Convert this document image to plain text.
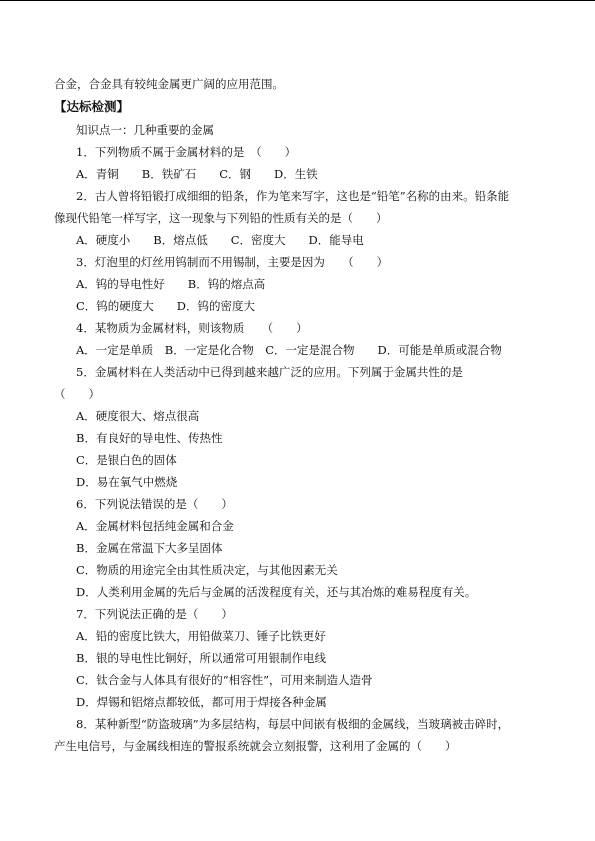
合金，合金具有较纯金属更广阔的应用范围。
【达标检测】
知识点一：几种重要的金属
1．下列物质不属于金属材料的是　（　　）
A．青铜　　B．铁矿石　　C．钢　　D．生铁
2．古人曾将铅锻打成细细的铅条，作为笔来写字，这也是“铅笔”名称的由来。铅条能
像现代铅笔一样写字，这一现象与下列铅的性质有关的是（　　）
A．硬度小　　B．熔点低　　C．密度大　　D．能导电
3．灯泡里的灯丝用钨制而不用锡制，主要是因为　　（　　）
A．钨的导电性好　　B．钨的熔点高
C．钨的硬度大　　D．钨的密度大
4．某物质为金属材料，则该物质　　（　　）
A．一定是单质　B．一定是化合物　C．一定是混合物　　D．可能是单质或混合物
5．金属材料在人类活动中已得到越来越广泛的应用。下列属于金属共性的是
（　　）
A．硬度很大、熔点很高
B．有良好的导电性、传热性
C．是银白色的固体
D．易在氧气中燃烧
6．下列说法错误的是（　　）
A．金属材料包括纯金属和合金
B．金属在常温下大多呈固体
C．物质的用途完全由其性质决定，与其他因素无关
D．人类利用金属的先后与金属的活泼程度有关，还与其冶炼的难易程度有关。
7．下列说法正确的是（　　）
A．铅的密度比铁大，用铅做菜刀、锤子比铁更好
B．银的导电性比铜好，所以通常可用银制作电线
C．钛合金与人体具有很好的“相容性”，可用来制造人造骨
D．焊锡和铝熔点都较低，都可用于焊接各种金属
8．某种新型“防盗玻璃”为多层结构，每层中间嵌有极细的金属线，当玻璃被击碎时，
产生电信号，与金属线相连的警报系统就会立刻报警，这利用了金属的（　　）
